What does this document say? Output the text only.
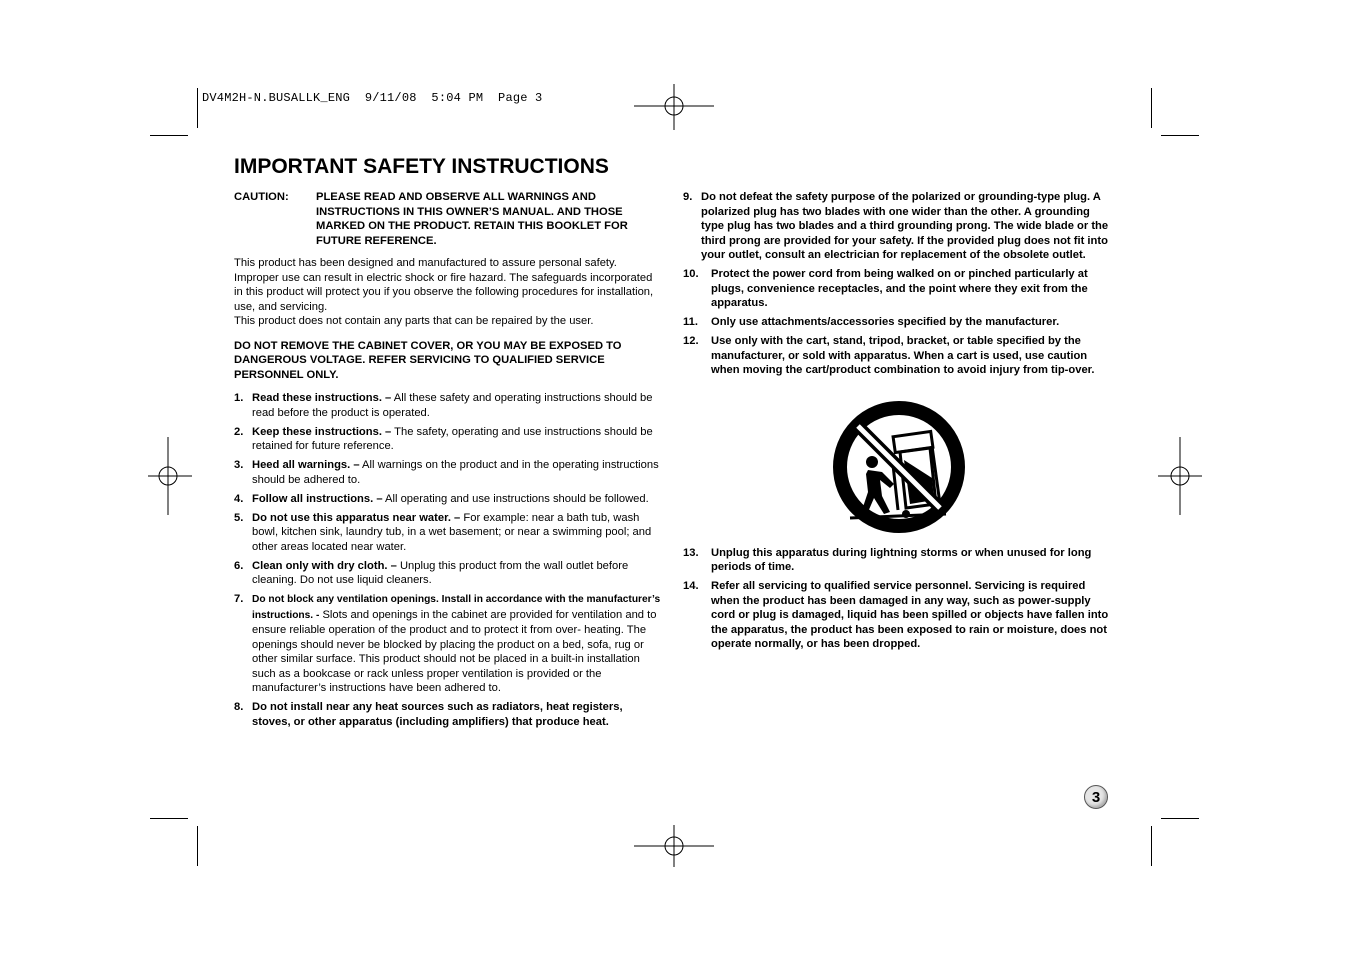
DV4M2H-N.BUSALLK_ENG  9/11/08  5:04 PM  Page 3
IMPORTANT SAFETY INSTRUCTIONS
CAUTION:	PLEASE READ AND OBSERVE ALL WARNINGS AND INSTRUCTIONS IN THIS OWNER’S MANUAL. AND THOSE MARKED ON THE PRODUCT. RETAIN THIS BOOKLET FOR FUTURE REFERENCE.

This product has been designed and manufactured to assure personal safety. Improper use can result in electric shock or fire hazard. The safeguards incorporated in this product will protect you if you observe the following procedures for installation, use, and servicing.

This product does not contain any parts that can be repaired by the user.

DO NOT REMOVE THE CABINET COVER, OR YOU MAY BE EXPOSED TO DANGEROUS VOLTAGE. REFER SERVICING TO QUALIFIED SERVICE PERSONNEL ONLY.
1. Read these instructions. – All these safety and operating instructions should be read before the product is operated.
2. Keep these instructions. – The safety, operating and use instructions should be retained for future reference.
3. Heed all warnings. – All warnings on the product and in the operating instructions should be adhered to.
4. Follow all instructions. – All operating and use instructions should be followed.
5. Do not use this apparatus near water. – For example: near a bath tub, wash bowl, kitchen sink, laundry tub, in a wet basement; or near a swimming pool; and other areas located near water.
6. Clean only with dry cloth. – Unplug this product from the wall outlet before cleaning. Do not use liquid cleaners.
7. Do not block any ventilation openings. Install in accordance with the manufacturer’s instructions. - Slots and openings in the cabinet are provided for ventilation and to ensure reliable operation of the product and to protect it from over- heating. The openings should never be blocked by placing the product on a bed, sofa, rug or other similar surface. This product should not be placed in a built-in installation such as a bookcase or rack unless proper ventilation is provided or the manufacturer’s instructions have been adhered to.
8. Do not install near any heat sources such as radiators, heat registers, stoves, or other apparatus (including amplifiers) that produce heat.
9. Do not defeat the safety purpose of the polarized or grounding-type plug. A polarized plug has two blades with one wider than the other. A grounding type plug has two blades and a third grounding prong. The wide blade or the third prong are provided for your safety. If the provided plug does not fit into your outlet, consult an electrician for replacement of the obsolete outlet.
10.	Protect the power cord from being walked on or pinched particularly at plugs, convenience receptacles, and the point where they exit from the apparatus.
11.	Only use attachments/accessories specified by the manufacturer.
12.	Use only with the cart, stand, tripod, bracket, or table specified by the manufacturer, or sold with apparatus. When a cart is used, use caution when moving the cart/product combination to avoid injury from tip-over.
13.	Unplug this apparatus during lightning storms or when unused for long periods of time.
14.	Refer all servicing to qualified service personnel. Servicing is required when the product has been damaged in any way, such as power-supply cord or plug is damaged, liquid has been spilled or objects have fallen into the apparatus, the product has been exposed to rain or moisture, does not operate normally, or has been dropped.
3
